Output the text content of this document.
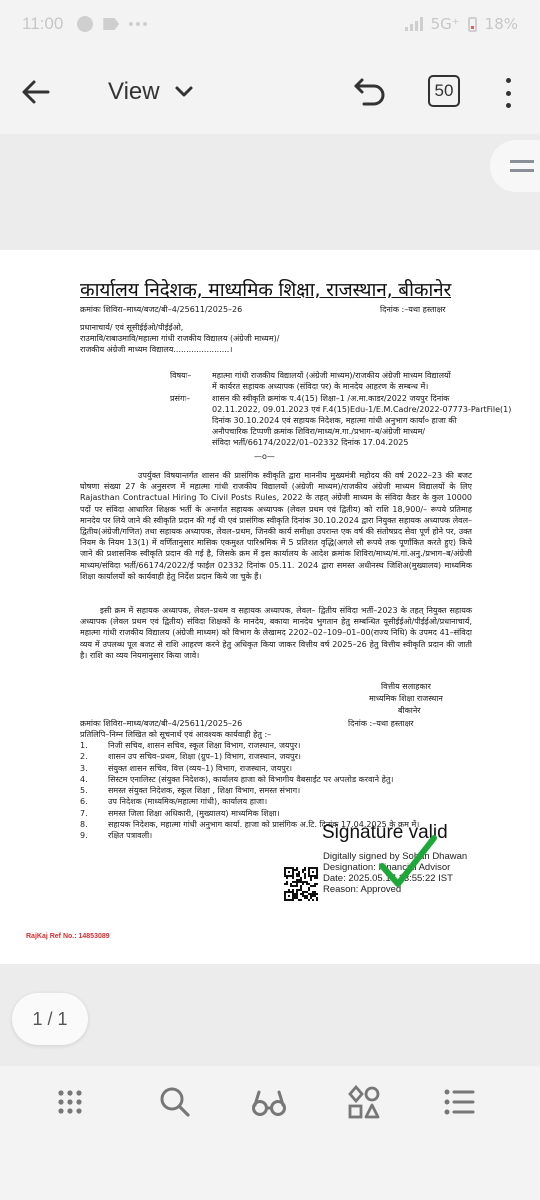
11:00	5G⁺ 18%
View	50
कार्यालय निदेशक, माध्यमिक शिक्षा, राजस्थान, बीकानेर
क्रमांकः शिविरा–माध्य/बजट/बी–4/25611/2025–26	दिनांक :–यथा हस्ताक्षर
प्रधानाचार्य/ एवं सूसीईईओ/पीईईओ,
राउमावि/राबाउमावि/महात्मा गांधी राजकीय विद्यालय (अंग्रेजी माध्यम)/
राजकीय अंग्रेजी माध्यम विद्यालय......................।
विषयः–	महात्मा गांधी राजकीय विद्यालयों (अंग्रेजी माध्यम)/राजकीय अंग्रेजी माध्यम विद्यालयों
में कार्यरत सहायक अध्यापक (संविदा पर) के मानदेय आहरण के सम्बन्ध में।
प्रसंगः–	शासन की स्वीकृति क्रमांक प.4(15) शिक्षा–1 /अ.मा.काडर/2022 जयपुर दिनांक
02.11.2022, 09.01.2023 एवं F.4(15)Edu-1/E.M.Cadre/2022-07773-PartFile(1)
दिनांक 30.10.2024 एवं सहायक निदेशक, महात्मा गांधी अनुभाग कार्या० हाजा की
अनौपचारिक टिप्पणी क्रमांक शिविरा/माध्य/म.गा./प्रभाग–ब/अंग्रेजी माध्यम/
संविदा भर्ती/66174/2022/01–02332 दिनांक 17.04.2025
—o—
उपर्युक्त विषयान्तर्गत शासन की प्रासंगिक स्वीकृति द्वारा माननीय मुख्यमंत्री महोदय की वर्ष 2022–23 की बजट घोषणा संख्या 27 के अनुसरण में महात्मा गांधी राजकीय विद्यालयों (अंग्रेजी माध्यम)/राजकीय अंग्रेजी माध्यम विद्यालयों के लिए Rajasthan Contractual Hiring To Civil Posts Rules, 2022 के तहत् अंग्रेजी माध्यम के संविदा कैडर के कुल 10000 पदों पर संविदा आधारित शिक्षक भर्ती के अन्तर्गत सहायक अध्यापक (लेवल प्रथम एवं द्वितीय) को राशि 18,900/– रूपये प्रतिमाह मानदेय पर लिये जाने की स्वीकृति प्रदान की गई थी एवं प्रासंगिक स्वीकृति दिनांक 30.10.2024 द्वारा नियुक्त सहायक अध्यापक लेवल–द्वितीय(अंग्रेजी/गणित) तथा सहायक अध्यापक, लेवल–प्रथम, जिनकी कार्य समीक्षा उपरान्त एक वर्ष की संतोषप्रद सेवा पूर्ण होने पर, उक्त नियम के नियम 13(1) में वर्णितानुसार मासिक एकमुश्त पारिश्रमिक में 5 प्रतिशत वृद्धि(अगले सौ रूपये तक पूर्णांकित करते हुए) किये जाने की प्रशासनिक स्वीकृति प्रदान की गई है, जिसके क्रम में इस कार्यालय के आदेश क्रमांक शिविरा/माध्य/मं.गां.अनु./प्रभाग–ब/अंग्रेजी माध्यम/संविदा भर्ती/66174/2022/ई फाईल 02332 दिनांक 05.11. 2024 द्वारा समस्त अधीनस्थ जिशिअ(मुख्यालय) माध्यमिक शिक्षा कार्यालयों को कार्यवाही हेतु निर्देश प्रदान किये जा चुके हैं।
इसी क्रम में सहायक अध्यापक, लेवल–प्रथम व सहायक अध्यापक, लेवल– द्वितीय संविदा भर्ती–2023 के तहत् नियुक्त सहायक अध्यापक (लेवल प्रथम एवं द्वितीय) संविदा शिक्षकों के मानदेय, बकाया मानदेय भुगतान हेतु सम्बन्धित यूसीईईओ/पीईईओ/प्रधानाचार्य, महात्मा गांधी राजकीय विद्यालय (अंग्रेजी माध्यम) को विभाग के लेखामद 2202–02–109–01–00(राज्य निधि) के उपमद 41–संविदा व्यय में उपलब्ध पूल बजट से राशि आहरण करने हेतु अधिकृत किया जाकर वित्तीय वर्ष 2025–26 हेतु वित्तीय स्वीकृति प्रदान की जाती है। राशि का व्यय नियमानुसार किया जावे।
वित्तीय सलाहकार
माध्यमिक शिक्षा राजस्थान
बीकानेर
क्रमांकः शिविरा–माध्य/बजट/बी–4/25611/2025–26	दिनांक :–यथा हस्ताक्षर
प्रतिलिपि–निम्न लिखित को सूचनार्थ एवं आवश्यक कार्यवाही हेतु :–
1.	निजी सचिव, शासन सचिव, स्कूल शिक्षा विभाग, राजस्थान, जयपुर।
2.	शासन उप सचिव–प्रथम, शिक्षा (ग्रुप–1) विभाग, राजस्थान, जयपुर।
3.	संयुक्त शासन सचिव, वित्त (व्यय–1) विभाग, राजस्थान, जयपुर।
4.	सिस्टम एनालिस्ट (संयुक्त निदेशक), कार्यालय हाजा को विभागीय वैबसाईट पर अपलोड करवाने हेतु।
5.	समस्त संयुक्त निदेशक, स्कूल शिक्षा , शिक्षा विभाग, समस्त संभाग।
6.	उप निदेशक (माध्यमिक/महात्मा गांधी), कार्यालय हाजा।
7.	समस्त जिला शिक्षा अधिकारी, (मुख्यालय) माध्यमिक शिक्षा।
8.	सहायक निदेशक, महात्मा गांधी अनुभाग कार्या. हाजा को प्रासंगिक अ.टि. दिनांक 17.04.2025 के क्रम में।
9.	रक्षित पत्रावली।	Signature valid
Digitally signed by Sohan Dhawan
Designation: Financial Advisor
Date: 2025.05.17 13:55:22 IST
Reason: Approved
RajKaj Ref No.: 14853089
1 / 1
